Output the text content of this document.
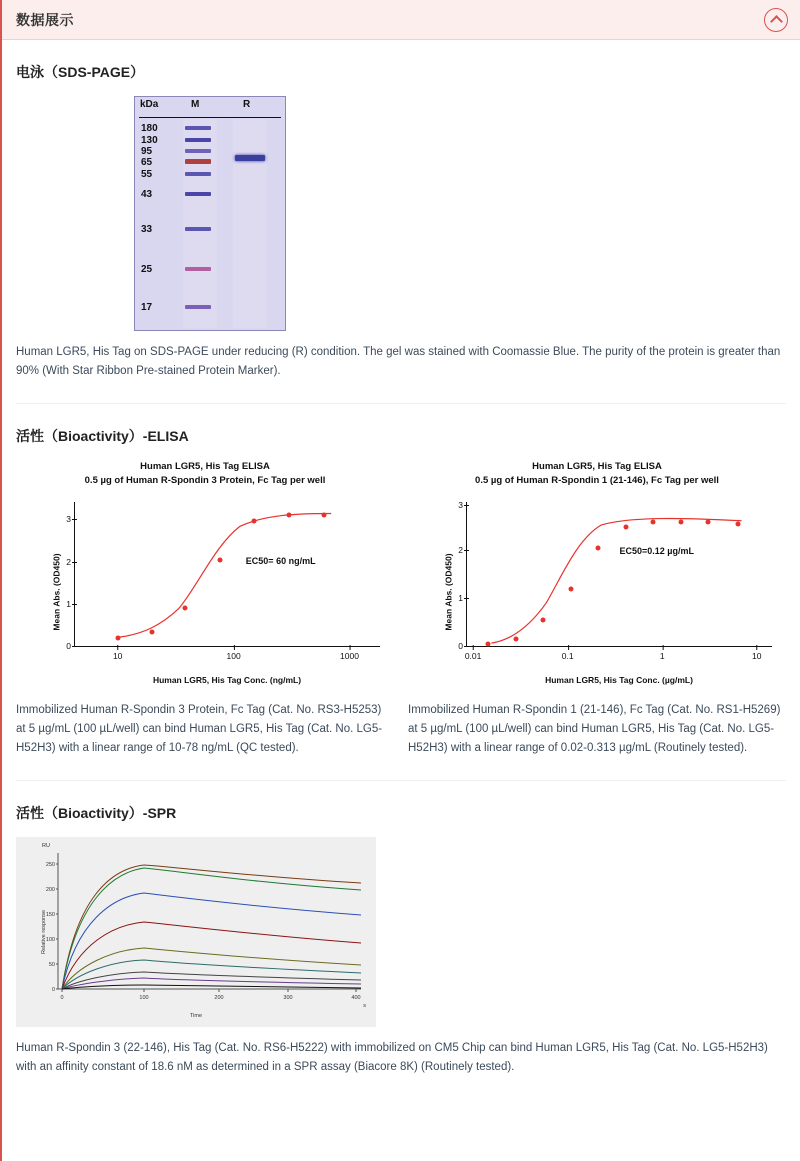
数据展示
电泳（SDS-PAGE）
kDa	M	R
180
130
95
65
55
43
33
25
17
Human LGR5, His Tag on SDS-PAGE under reducing (R) condition. The gel was stained with Coomassie Blue. The purity of the protein is greater than 90% (With Star Ribbon Pre-stained Protein Marker).
活性（Bioactivity）-ELISA
Human LGR5, His Tag ELISA
0.5 µg of Human R-Spondin 3 Protein, Fc Tag per well
Mean Abs. (OD450)
Human LGR5, His Tag Conc. (ng/mL)
0
1
2
3
10	100	1000
EC50= 60 ng/mL
Human LGR5, His Tag ELISA
0.5 µg of Human R-Spondin 1 (21-146), Fc Tag per well
Mean Abs. (OD450)
Human LGR5, His Tag Conc. (µg/mL)
0
1
2
3
0.01	0.1	1	10
EC50=0.12 µg/mL
Immobilized Human R-Spondin 3 Protein, Fc Tag (Cat. No. RS3-H5253) at 5 µg/mL (100 µL/well) can bind Human LGR5, His Tag (Cat. No. LG5-H52H3) with a linear range of 10-78 ng/mL (QC tested).
Immobilized Human R-Spondin 1 (21-146), Fc Tag (Cat. No. RS1-H5269) at 5 µg/mL (100 µL/well) can bind Human LGR5, His Tag (Cat. No. LG5-H52H3) with a linear range of 0.02-0.313 µg/mL (Routinely tested).
活性（Bioactivity）-SPR
RU
Relative response
Time
s
0
50
100
150
200
250
0	100	200	300	400
Human R-Spondin 3 (22-146), His Tag (Cat. No. RS6-H5222) with immobilized on CM5 Chip can bind Human LGR5, His Tag (Cat. No. LG5-H52H3) with an affinity constant of 18.6 nM as determined in a SPR assay (Biacore 8K) (Routinely tested).
